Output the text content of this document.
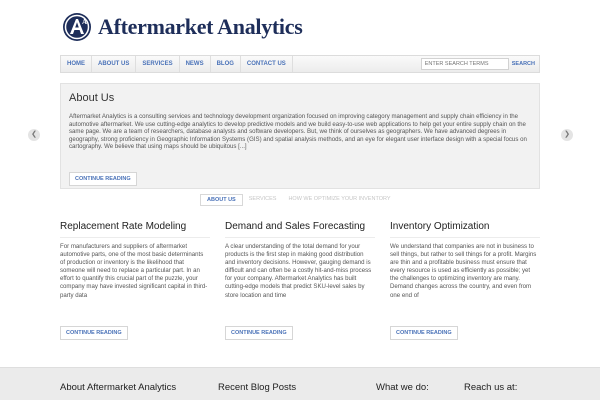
A Aftermarket Analytics
HOME	ABOUT US	SERVICES	NEWS	BLOG	CONTACT US
ENTER SEARCH TERMS	SEARCH
❮	❯
About Us
Aftermarket Analytics is a consulting services and technology development organization focused on improving category management and supply chain efficiency in the automotive aftermarket. We use cutting-edge analytics to develop predictive models and we build easy-to-use web applications to help get your entire supply chain on the same page. We are a team of researchers, database analysts and software developers. But, we think of ourselves as geographers. We have advanced degrees in geography, strong proficiency in Geographic Information Systems (GIS) and spatial analysis methods, and an eye for elegant user interface design with a special focus on cartography. We believe that using maps should be ubiquitous [...]
CONTINUE READING
ABOUT US	SERVICES	HOW WE OPTIMIZE YOUR INVENTORY
Replacement Rate Modeling
For manufacturers and suppliers of aftermarket automotive parts, one of the most basic determinants of production or inventory is the likelihood that someone will need to replace a particular part. In an effort to quantify this crucial part of the puzzle, your company may have invested significant capital in third-party data
CONTINUE READING
Demand and Sales Forecasting
A clear understanding of the total demand for your products is the first step in making good distribution and inventory decisions. However, gauging demand is difficult and can often be a costly hit-and-miss process for your company. Aftermarket Analytics has built cutting-edge models that predict SKU-level sales by store location and time
CONTINUE READING
Inventory Optimization
We understand that companies are not in business to sell things, but rather to sell things for a profit. Margins are thin and a profitable business must ensure that every resource is used as efficiently as possible; yet the challenges to optimizing inventory are many. Demand changes across the country, and even from one end of
CONTINUE READING
About Aftermarket Analytics	Recent Blog Posts	What we do:	Reach us at:
